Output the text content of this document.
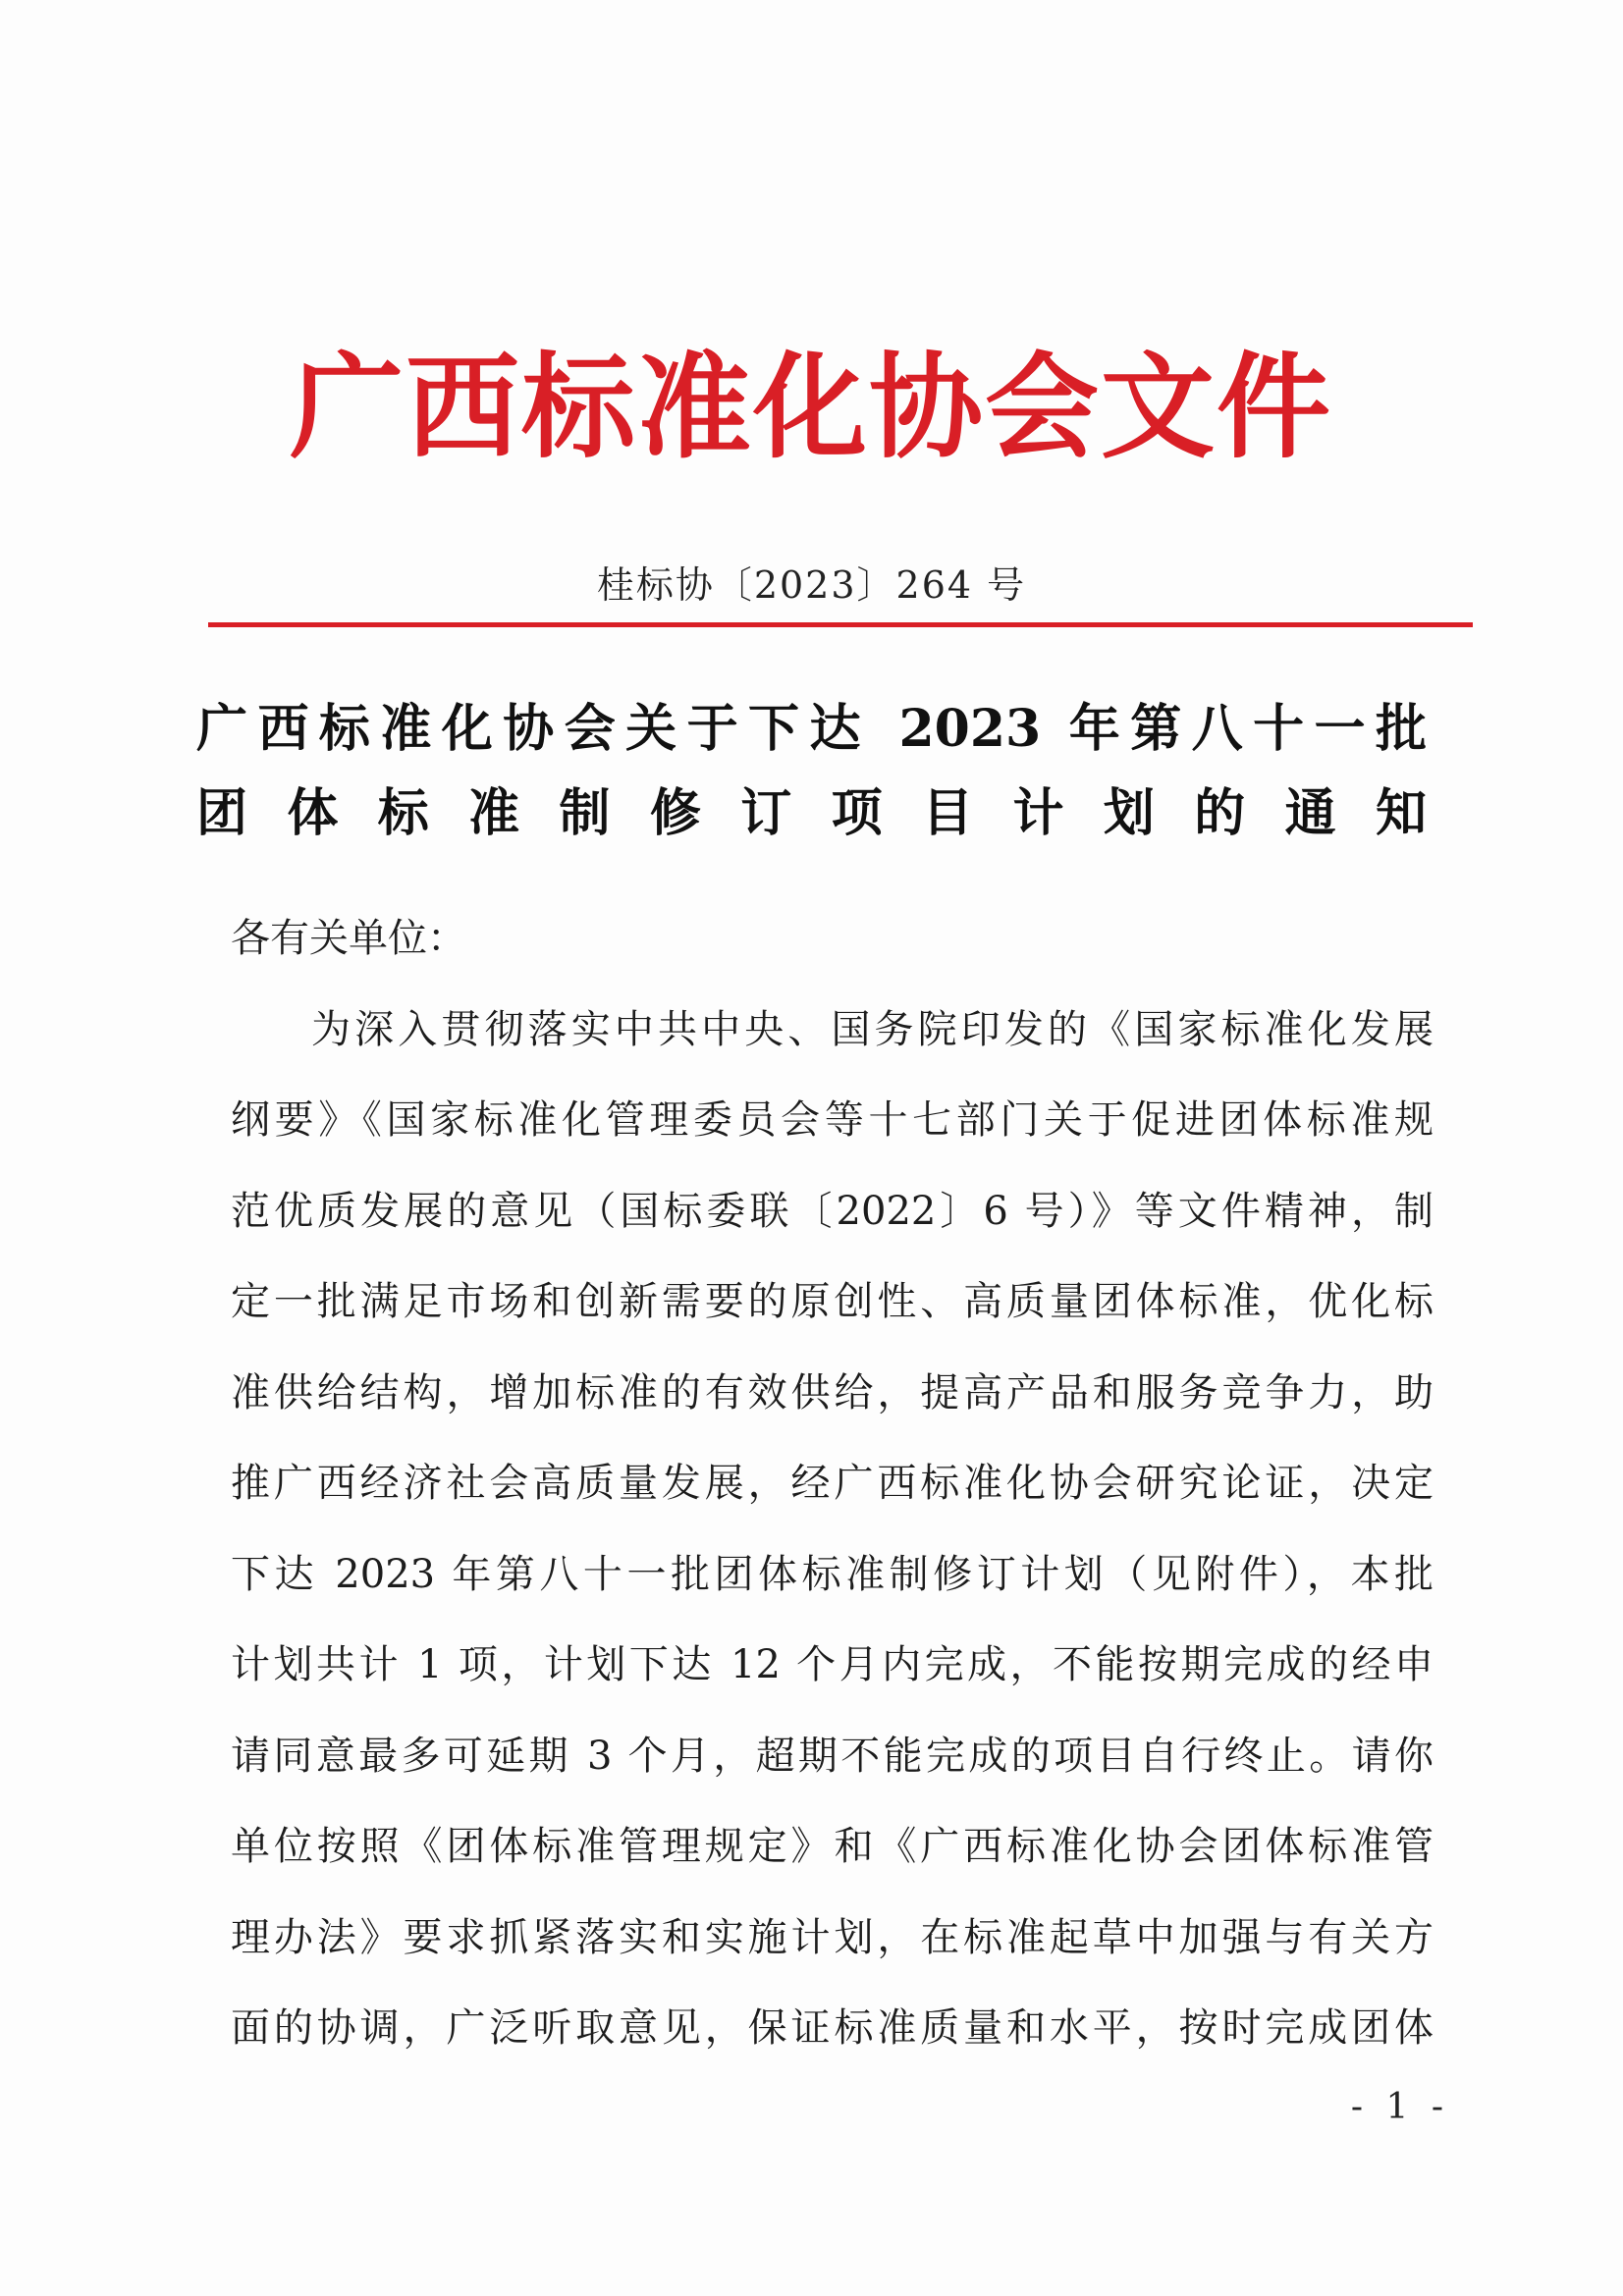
广西标准化协会文件
桂标协〔2023〕264 号
广西标准化协会关于下达 2023 年第八十一批
团体标准制修订项目计划的通知
各有关单位：
为深入贯彻落实中共中央、国务院印发的《国家标准化发展
纲要》《国家标准化管理委员会等十七部门关于促进团体标准规
范优质发展的意见（国标委联〔2022〕6 号）》等文件精神，制
定一批满足市场和创新需要的原创性、高质量团体标准，优化标
准供给结构，增加标准的有效供给，提高产品和服务竞争力，助
推广西经济社会高质量发展，经广西标准化协会研究论证，决定
下达 2023 年第八十一批团体标准制修订计划（见附件），本批
计划共计 1 项，计划下达 12 个月内完成，不能按期完成的经申
请同意最多可延期 3 个月，超期不能完成的项目自行终止。请你
单位按照《团体标准管理规定》和《广西标准化协会团体标准管
理办法》要求抓紧落实和实施计划，在标准起草中加强与有关方
面的协调，广泛听取意见，保证标准质量和水平，按时完成团体
- 1 -
